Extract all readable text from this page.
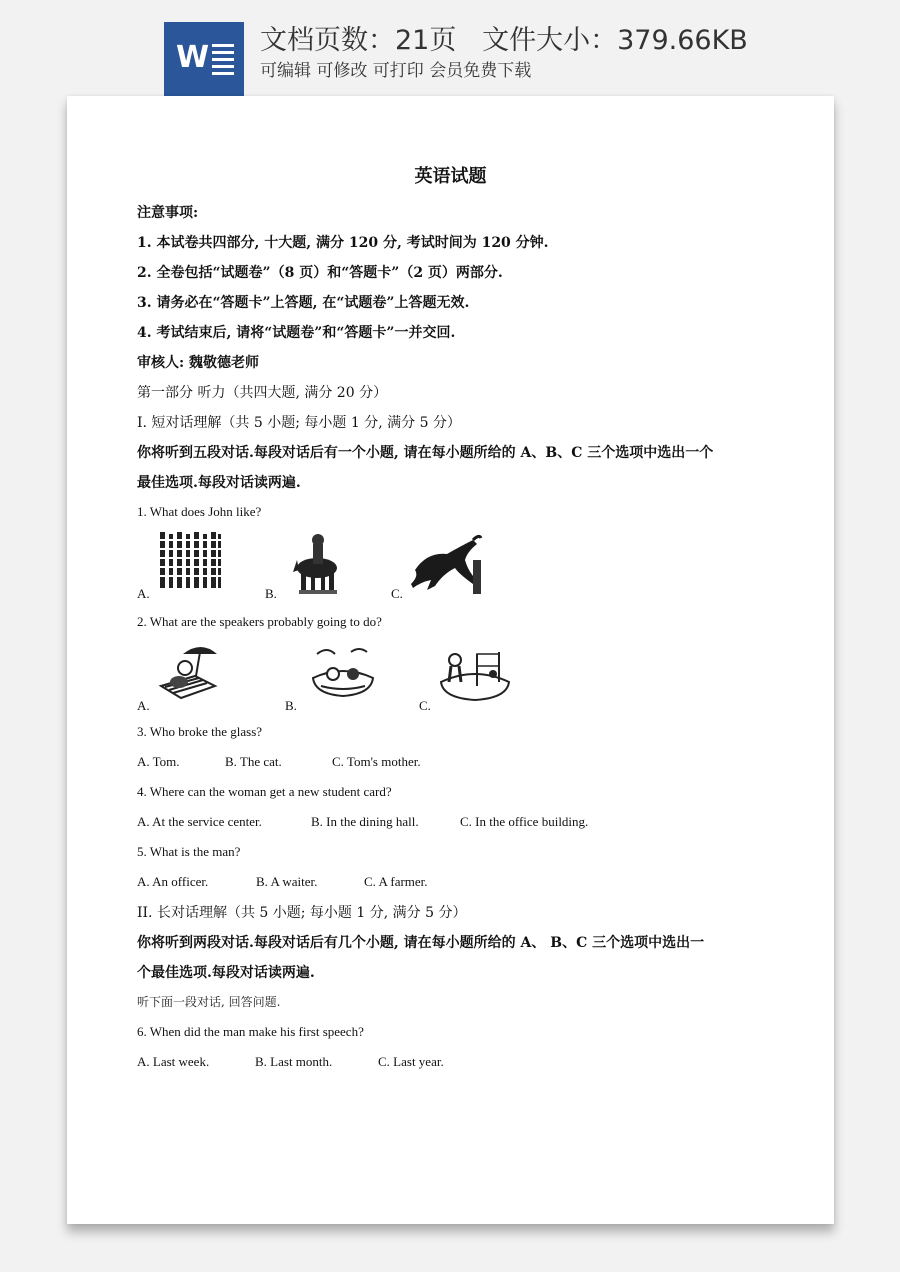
W 文档页数：21页 文件大小：379.66KB
可编辑 可修改 可打印 会员免费下载
英语试题
注意事项:
1. 本试卷共四部分, 十大题, 满分 120 分, 考试时间为 120 分钟.
2. 全卷包括“试题卷”（8 页）和“答题卡”（2 页）两部分.
3. 请务必在“答题卡”上答题, 在“试题卷”上答题无效.
4. 考试结束后, 请将“试题卷”和“答题卡”一并交回.
审核人: 魏敬德老师
第一部分 听力（共四大题, 满分 20 分）
I. 短对话理解（共 5 小题; 每小题 1 分, 满分 5 分）
你将听到五段对话.每段对话后有一个小题, 请在每小题所给的 A、B、C 三个选项中选出一个
最佳选项.每段对话读两遍.
1. What does John like?
A.	B.	C.
2. What are the speakers probably going to do?
A.	B.	C.
3. Who broke the glass?
A. Tom.	B. The cat.	C. Tom's mother.
4. Where can the woman get a new student card?
A. At the service center.	B. In the dining hall.	C. In the office building.
5. What is the man?
A. An officer.	B. A waiter.	C. A farmer.
II. 长对话理解（共 5 小题; 每小题 1 分, 满分 5 分）
你将听到两段对话.每段对话后有几个小题, 请在每小题所给的 A、 B、C 三个选项中选出一
个最佳选项.每段对话读两遍.
听下面一段对话, 回答问题.
6. When did the man make his first speech?
A. Last week.	B. Last month.	C. Last year.
